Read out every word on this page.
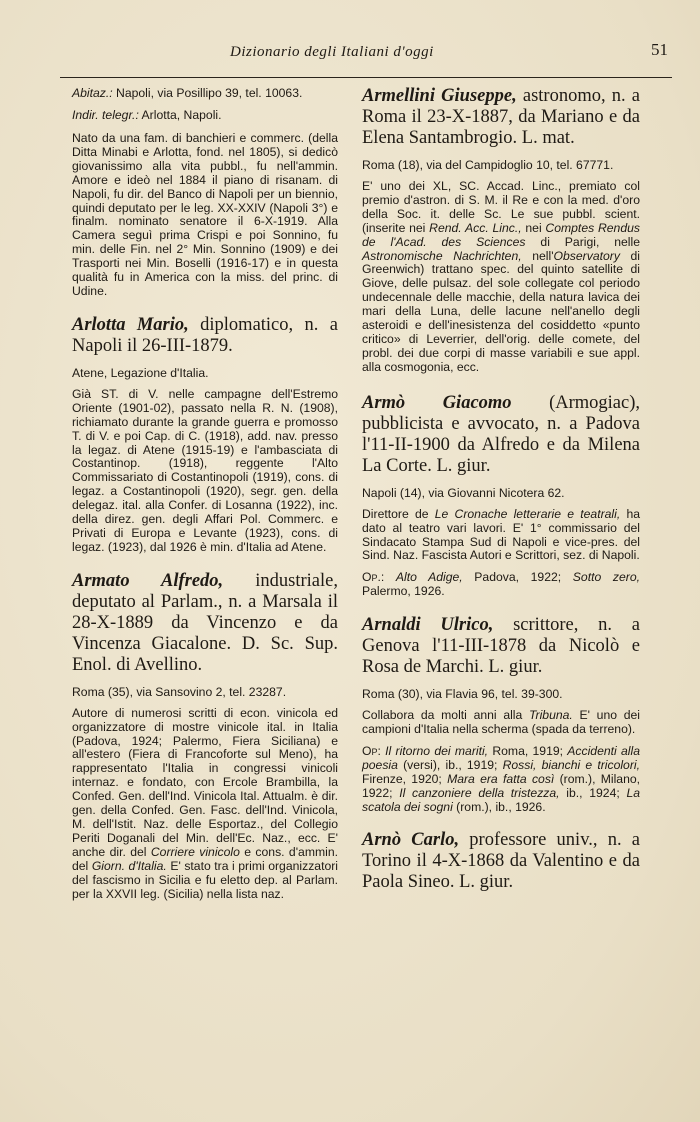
Dizionario degli Italiani d'oggi	51
Abitaz.: Napoli, via Posillipo 39, tel. 10063.
Indir. telegr.: Arlotta, Napoli.
Nato da una fam. di banchieri e commerc. (della Ditta Minabi e Arlotta, fond. nel 1805), si dedicò giovanissimo alla vita pubbl., fu nell'ammin. Amore e ideò nel 1884 il piano di risanam. di Napoli, fu dir. del Banco di Napoli per un biennio, quindi deputato per le leg. XX-XXIV (Napoli 3°) e finalm. nominato senatore il 6-X-1919. Alla Camera seguì prima Crispi e poi Sonnino, fu min. delle Fin. nel 2° Min. Sonnino (1909) e dei Trasporti nei Min. Boselli (1916-17) e in questa qualità fu in America con la miss. del princ. di Udine.
Arlotta Mario, diplomatico, n. a Napoli il 26-III-1879.
Atene, Legazione d'Italia.
Già ST. di V. nelle campagne dell'Estremo Oriente (1901-02), passato nella R. N. (1908), richiamato durante la grande guerra e promosso T. di V. e poi Cap. di C. (1918), add. nav. presso la legaz. di Atene (1915-19) e l'ambasciata di Costantinop. (1918), reggente l'Alto Commissariato di Costantinopoli (1919), cons. di legaz. a Costantinopoli (1920), segr. gen. della delegaz. ital. alla Confer. di Losanna (1922), inc. della direz. gen. degli Affari Pol. Commerc. e Privati di Europa e Levante (1923), cons. di legaz. (1923), dal 1926 è min. d'Italia ad Atene.
Armato Alfredo, industriale, deputato al Parlam., n. a Marsala il 28-X-1889 da Vincenzo e da Vincenza Giacalone. D. Sc. Sup. Enol. di Avellino.
Roma (35), via Sansovino 2, tel. 23287.
Autore di numerosi scritti di econ. vinicola ed organizzatore di mostre vinicole ital. in Italia (Padova, 1924; Palermo, Fiera Siciliana) e all'estero (Fiera di Francoforte sul Meno), ha rappresentato l'Italia in congressi vinicoli internaz. e fondato, con Ercole Brambilla, la Confed. Gen. dell'Ind. Vinicola Ital. Attualm. è dir. gen. della Confed. Gen. Fasc. dell'Ind. Vinicola, M. dell'Istit. Naz. delle Esportaz., del Collegio Periti Doganali del Min. dell'Ec. Naz., ecc. E' anche dir. del Corriere vinicolo e cons. d'ammin. del Giorn. d'Italia. E' stato tra i primi organizzatori del fascismo in Sicilia e fu eletto dep. al Parlam. per la XXVII leg. (Sicilia) nella lista naz.
Armellini Giuseppe, astronomo, n. a Roma il 23-X-1887, da Mariano e da Elena Santambrogio. L. mat.
Roma (18), via del Campidoglio 10, tel. 67771.
E' uno dei XL, SC. Accad. Linc., premiato col premio d'astron. di S. M. il Re e con la med. d'oro della Soc. it. delle Sc. Le sue pubbl. scient. (inserite nei Rend. Acc. Linc., nei Comptes Rendus de l'Acad. des Sciences di Parigi, nelle Astronomische Nachrichten, nell'Observatory di Greenwich) trattano spec. del quinto satellite di Giove, delle pulsaz. del sole collegate col periodo undecennale delle macchie, della natura lavica dei mari della Luna, delle lacune nell'anello degli asteroidi e dell'inesistenza del cosiddetto «punto critico» di Leverrier, dell'orig. delle comete, del probl. dei due corpi di masse variabili e sue appl. alla cosmogonia, ecc.
Armò Giacomo (Armogiac), pubblicista e avvocato, n. a Padova l'11-II-1900 da Alfredo e da Milena La Corte. L. giur.
Napoli (14), via Giovanni Nicotera 62.
Direttore de Le Cronache letterarie e teatrali, ha dato al teatro vari lavori. E' 1° commissario del Sindacato Stampa Sud di Napoli e vice-pres. del Sind. Naz. Fascista Autori e Scrittori, sez. di Napoli.
Op.: Alto Adige, Padova, 1922; Sotto zero, Palermo, 1926.
Arnaldi Ulrico, scrittore, n. a Genova l'11-III-1878 da Nicolò e Rosa de Marchi. L. giur.
Roma (30), via Flavia 96, tel. 39-300.
Collabora da molti anni alla Tribuna. E' uno dei campioni d'Italia nella scherma (spada da terreno).
Op: Il ritorno dei mariti, Roma, 1919; Accidenti alla poesia (versi), ib., 1919; Rossi, bianchi e tricolori, Firenze, 1920; Mara era fatta così (rom.), Milano, 1922; Il canzoniere della tristezza, ib., 1924; La scatola dei sogni (rom.), ib., 1926.
Arnò Carlo, professore univ., n. a Torino il 4-X-1868 da Valentino e da Paola Sineo. L. giur.
